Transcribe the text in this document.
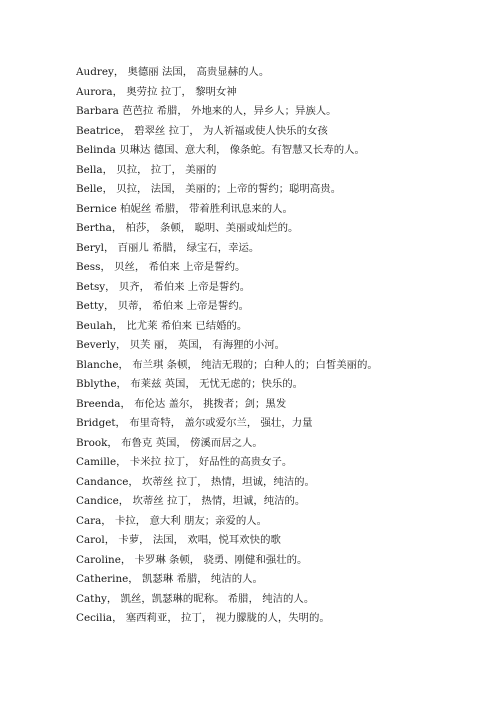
Audrey， 奥德丽 法国， 高贵显赫的人。
Aurora， 奥劳拉 拉丁， 黎明女神
Barbara 芭芭拉 希腊， 外地来的人，异乡人；异族人。
Beatrice， 碧翠丝 拉丁， 为人祈福或使人快乐的女孩
Belinda 贝琳达 德国、意大利， 像条蛇。有智慧又长寿的人。
Bella， 贝拉， 拉丁， 美丽的
Belle， 贝拉， 法国， 美丽的；上帝的誓约；聪明高贵。
Bernice 柏妮丝 希腊， 带着胜利讯息来的人。
Bertha， 柏莎， 条顿， 聪明、美丽或灿烂的。
Beryl， 百丽儿 希腊， 绿宝石，幸运。
Bess， 贝丝， 希伯来 上帝是誓约。
Betsy， 贝齐， 希伯来 上帝是誓约。
Betty， 贝蒂， 希伯来 上帝是誓约。
Beulah， 比尤莱 希伯来 已结婚的。
Beverly， 贝芙 丽， 英国， 有海狸的小河。
Blanche， 布兰琪 条顿， 纯洁无瑕的；白种人的；白皙美丽的。
Bblythe， 布莱兹 英国， 无忧无虑的；快乐的。
Breenda， 布伦达 盖尔， 挑拨者；剑；黑发
Bridget， 布里奇特， 盖尔或爱尔兰， 强壮，力量
Brook， 布鲁克 英国， 傍溪而居之人。
Camille， 卡米拉 拉丁， 好品性的高贵女子。
Candance， 坎蒂丝 拉丁， 热情，坦诚，纯洁的。
Candice， 坎蒂丝 拉丁， 热情，坦诚，纯洁的。
Cara， 卡拉， 意大利 朋友；亲爱的人。
Carol， 卡萝， 法国， 欢唱，悦耳欢快的歌
Caroline， 卡罗琳 条顿， 骁勇、刚健和强壮的。
Catherine， 凯瑟琳 希腊， 纯洁的人。
Cathy， 凯丝，凯瑟琳的昵称。 希腊， 纯洁的人。
Cecilia， 塞西莉亚， 拉丁， 视力朦胧的人，失明的。
